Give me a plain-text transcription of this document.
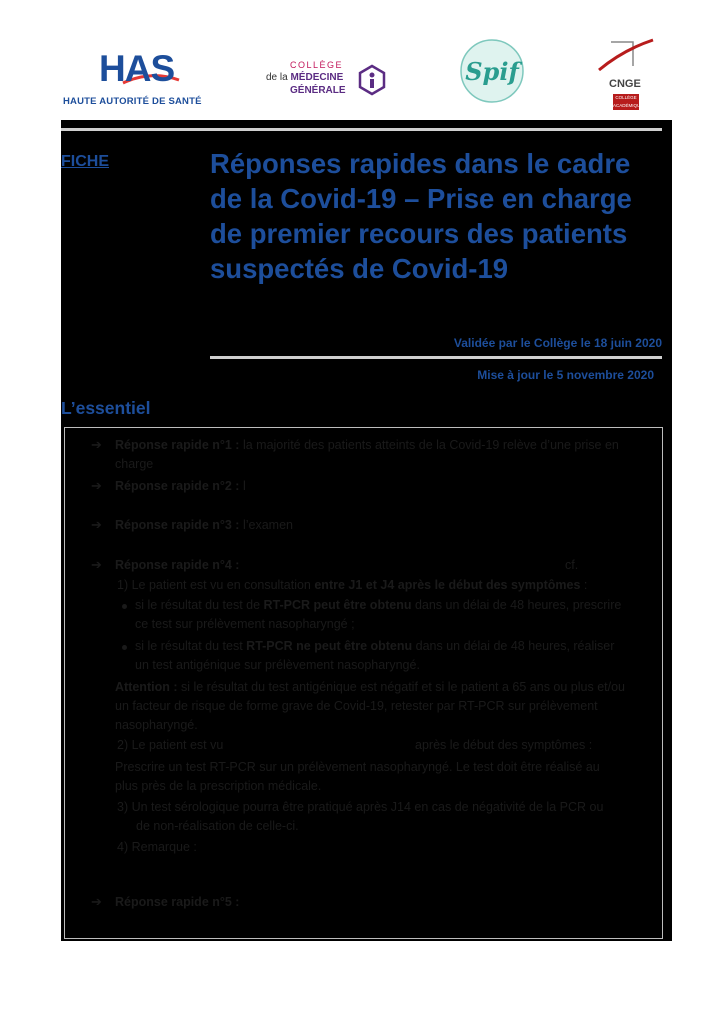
HAS
HAUTE AUTORITÉ DE SANTÉ
COLLÈGE
de la MÉDECINE
GÉNÉRALE
Spif	CNGE
COLLÈGE ACADÉMIQUE
FICHE	Réponses rapides dans le cadre de la Covid-19 – Prise en charge de premier recours des patients suspectés de Covid-19
Validée par le Collège le 18 juin 2020
Mise à jour le 5 novembre 2020
L’essentiel
➔ Réponse rapide n°1 : la majorité des patients atteints de la Covid-19 relève d’une prise en
charge
➔ Réponse rapide n°2 : l
➔ Réponse rapide n°3 : l’examen
➔ Réponse rapide n°4 :	cf.
1) Le patient est vu en consultation entre J1 et J4 après le début des symptômes :
si le résultat du test de RT-PCR peut être obtenu dans un délai de 48 heures, prescrire
ce test sur prélèvement nasopharyngé ;
si le résultat du test RT-PCR ne peut être obtenu dans un délai de 48 heures, réaliser
un test antigénique sur prélèvement nasopharyngé.
Attention : si le résultat du test antigénique est négatif et si le patient a 65 ans ou plus et/ou
un facteur de risque de forme grave de Covid-19, retester par RT-PCR sur prélèvement
nasopharyngé.
2) Le patient est vu	après le début des symptômes :
Prescrire un test RT-PCR sur un prélèvement nasopharyngé. Le test doit être réalisé au
plus près de la prescription médicale.
3) Un test sérologique pourra être pratiqué après J14 en cas de négativité de la PCR ou
de non-réalisation de celle-ci.
4) Remarque :
➔ Réponse rapide n°5 :
